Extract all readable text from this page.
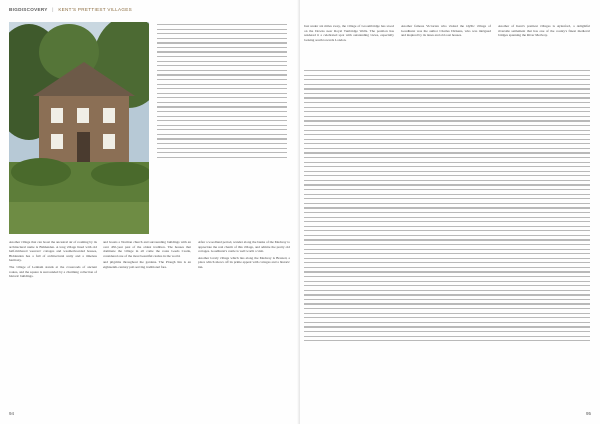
BIGDISCOVERY | KENT'S PRETTIEST VILLAGES

Another village that can boast the ancestral air of roaming by its architectural name is Biddenden. A long village lined with old half-timbered weavers' cottages and weatherboarded houses, Biddenden has a full of architectural unity and a timeless harmony.

The village of Lenham stands at the crossroads of ancient routes, and the square is surrounded by a charming collection of historic buildings.

and boasts a Norman church and surrounding buildings with an over 450-year past of the oldest tradition. The houses that dominate the village in all come the route Leeds Castle, considered one of the most beautiful castles in the world.

and pilgrims throughout the gardens. The Plough Inn is an eighteenth-century pub serving traditional fare.

After a woodland period, wander along the banks of the Medway to appreciate the real charm of this village, and admire the pretty old cottages. Goudhurst's castle is well worth a visit.

Another lovely village which lies along the Medway is Brasted, a place which shows off its prime appeal with cottages and a historic inn.

94

Just under six miles away, the village of Groombridge has stood on the Downs near Royal Tunbridge Wells. The position has rendered it a celebrated spot with outstanding views, especially looking south towards London.

Another famous Victorian who visited the idyllic village of Goudhurst was the author Charles Dickens, who was intrigued and inspired by its lanes and old oast houses.

Another of Kent's prettiest villages is Aylesford, a delightful riverside settlement that has one of the county's finest medieval bridges spanning the River Medway.

95
